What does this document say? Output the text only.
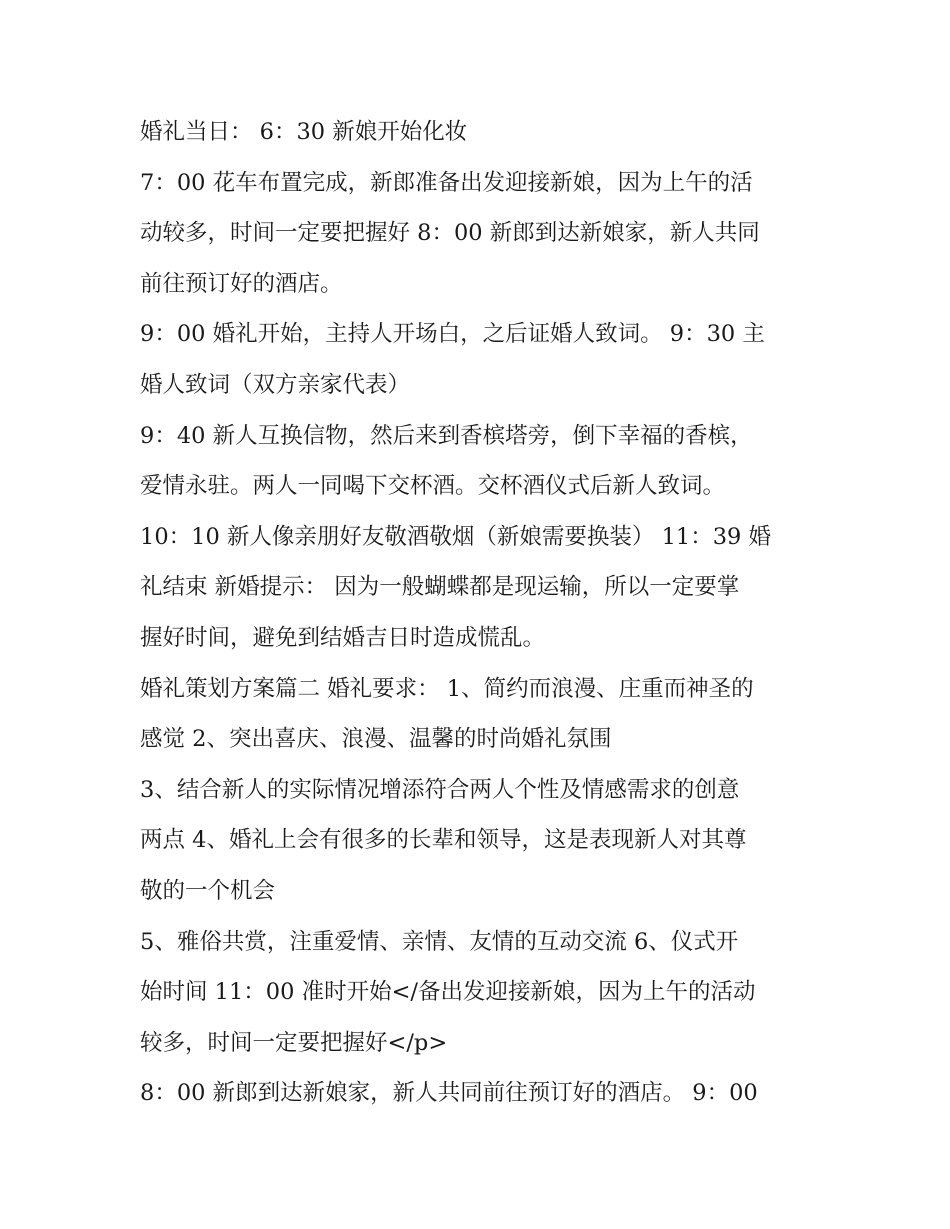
婚礼当日： 6：30 新娘开始化妆

7：00 花车布置完成，新郎准备出发迎接新娘，因为上午的活
动较多，时间一定要把握好 8：00 新郎到达新娘家，新人共同
前往预订好的酒店。

9：00 婚礼开始，主持人开场白，之后证婚人致词。 9：30 主
婚人致词（双方亲家代表）

9：40 新人互换信物，然后来到香槟塔旁，倒下幸福的香槟，
爱情永驻。两人一同喝下交杯酒。交杯酒仪式后新人致词。

10：10 新人像亲朋好友敬酒敬烟（新娘需要换装） 11：39 婚
礼结束 新婚提示： 因为一般蝴蝶都是现运输，所以一定要掌
握好时间，避免到结婚吉日时造成慌乱。

婚礼策划方案篇二 婚礼要求： 1、简约而浪漫、庄重而神圣的
感觉 2、突出喜庆、浪漫、温馨的时尚婚礼氛围

3、结合新人的实际情况增添符合两人个性及情感需求的创意
两点 4、婚礼上会有很多的长辈和领导，这是表现新人对其尊
敬的一个机会

5、雅俗共赏，注重爱情、亲情、友情的互动交流 6、仪式开
始时间 11：00 准时开始</备出发迎接新娘，因为上午的活动
较多，时间一定要把握好</p>

8：00 新郎到达新娘家，新人共同前往预订好的酒店。 9：00
